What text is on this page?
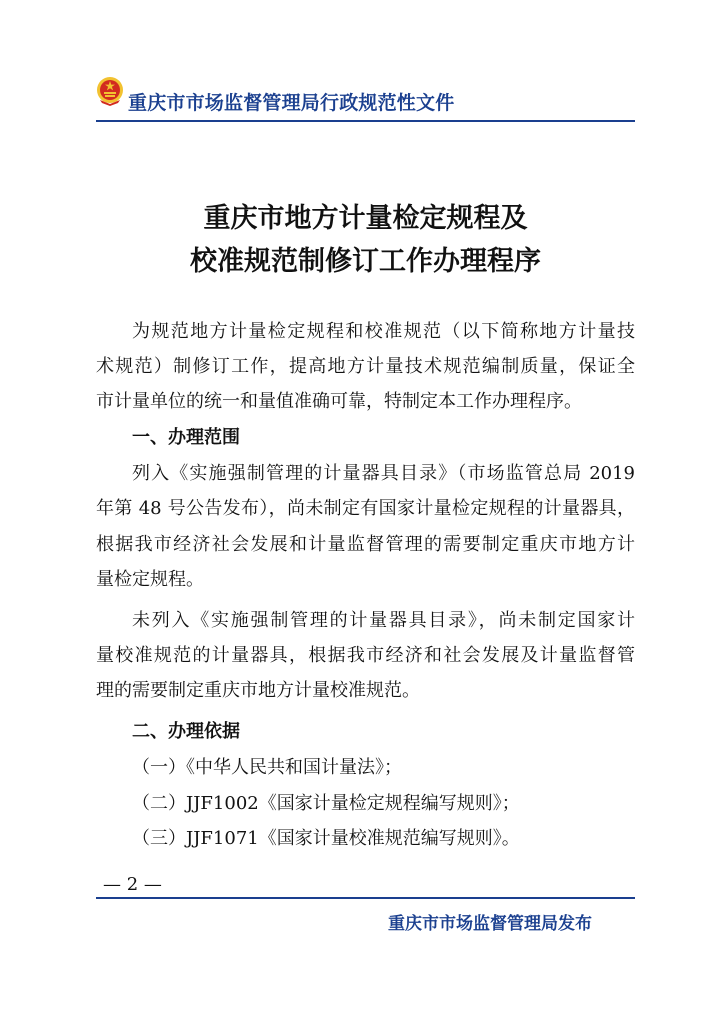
重庆市市场监督管理局行政规范性文件
重庆市地方计量检定规程及
校准规范制修订工作办理程序
为规范地方计量检定规程和校准规范（以下简称地方计量技
术规范）制修订工作，提高地方计量技术规范编制质量，保证全
市计量单位的统一和量值准确可靠，特制定本工作办理程序。
一、办理范围
列入《实施强制管理的计量器具目录》（市场监管总局 2019
年第 48 号公告发布），尚未制定有国家计量检定规程的计量器具，
根据我市经济社会发展和计量监督管理的需要制定重庆市地方计
量检定规程。
未列入《实施强制管理的计量器具目录》，尚未制定国家计
量校准规范的计量器具，根据我市经济和社会发展及计量监督管
理的需要制定重庆市地方计量校准规范。
二、办理依据
（一）《中华人民共和国计量法》；
（二）JJF1002《国家计量检定规程编写规则》；
（三）JJF1071《国家计量校准规范编写规则》。
— 2 —
重庆市市场监督管理局发布
